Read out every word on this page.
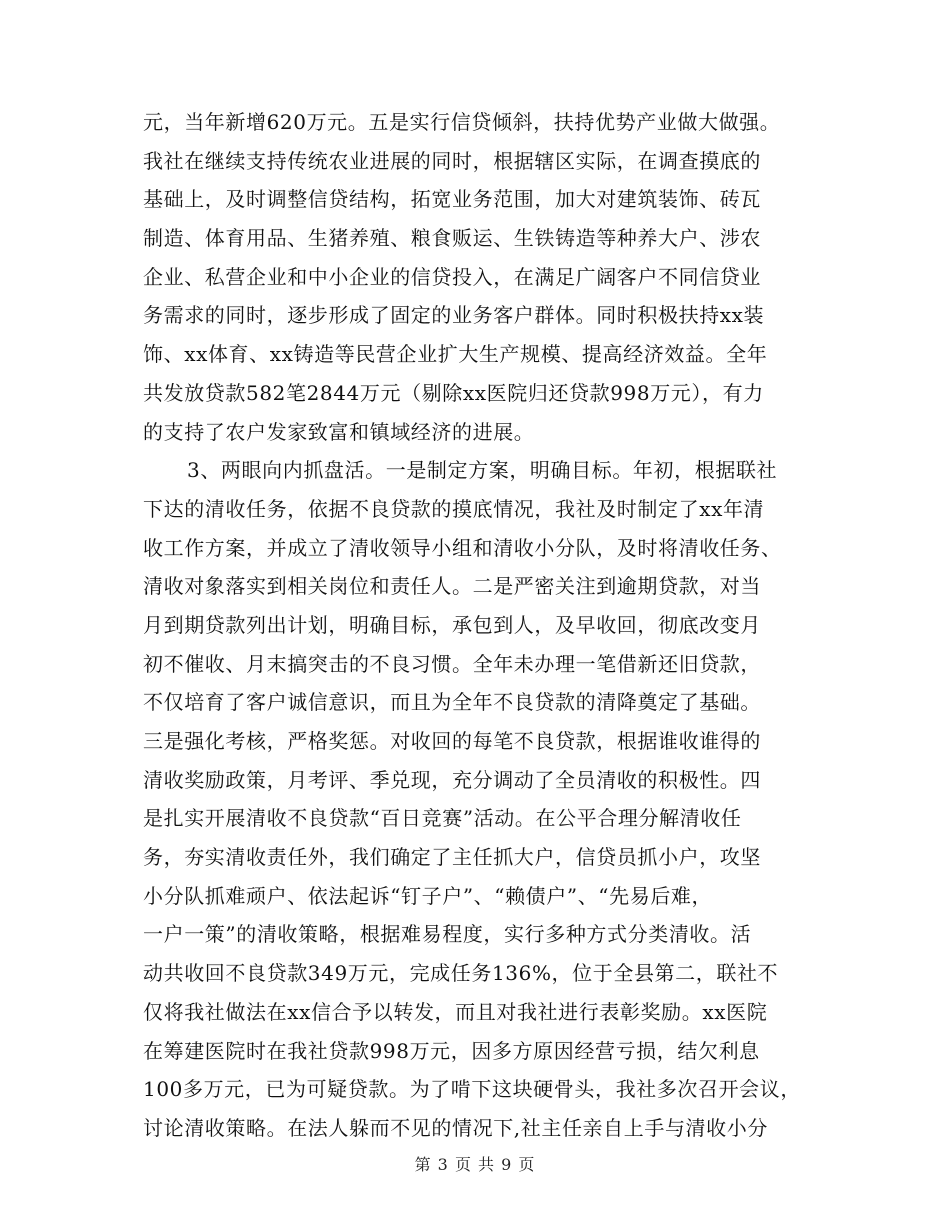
元，当年新增620万元。五是实行信贷倾斜，扶持优势产业做大做强。
我社在继续支持传统农业进展的同时，根据辖区实际，在调查摸底的
基础上，及时调整信贷结构，拓宽业务范围，加大对建筑装饰、砖瓦
制造、体育用品、生猪养殖、粮食贩运、生铁铸造等种养大户、涉农
企业、私营企业和中小企业的信贷投入，在满足广阔客户不同信贷业
务需求的同时，逐步形成了固定的业务客户群体。同时积极扶持xx装
饰、xx体育、xx铸造等民营企业扩大生产规模、提高经济效益。全年
共发放贷款582笔2844万元（剔除xx医院归还贷款998万元），有力
的支持了农户发家致富和镇域经济的进展。
3、两眼向内抓盘活。一是制定方案，明确目标。年初，根据联社
下达的清收任务，依据不良贷款的摸底情况，我社及时制定了xx年清
收工作方案，并成立了清收领导小组和清收小分队，及时将清收任务、
清收对象落实到相关岗位和责任人。二是严密关注到逾期贷款，对当
月到期贷款列出计划，明确目标，承包到人，及早收回，彻底改变月
初不催收、月末搞突击的不良习惯。全年未办理一笔借新还旧贷款，
不仅培育了客户诚信意识，而且为全年不良贷款的清降奠定了基础。
三是强化考核，严格奖惩。对收回的每笔不良贷款，根据谁收谁得的
清收奖励政策，月考评、季兑现，充分调动了全员清收的积极性。四
是扎实开展清收不良贷款“百日竞赛”活动。在公平合理分解清收任
务，夯实清收责任外，我们确定了主任抓大户，信贷员抓小户，攻坚
小分队抓难顽户、依法起诉“钉子户”、“赖债户”、“先易后难，
一户一策”的清收策略，根据难易程度，实行多种方式分类清收。活
动共收回不良贷款349万元，完成任务136%，位于全县第二，联社不
仅将我社做法在xx信合予以转发，而且对我社进行表彰奖励。xx医院
在筹建医院时在我社贷款998万元，因多方原因经营亏损，结欠利息
100多万元，已为可疑贷款。为了啃下这块硬骨头，我社多次召开会议，
讨论清收策略。在法人躲而不见的情况下,社主任亲自上手与清收小分
第 3 页 共 9 页
